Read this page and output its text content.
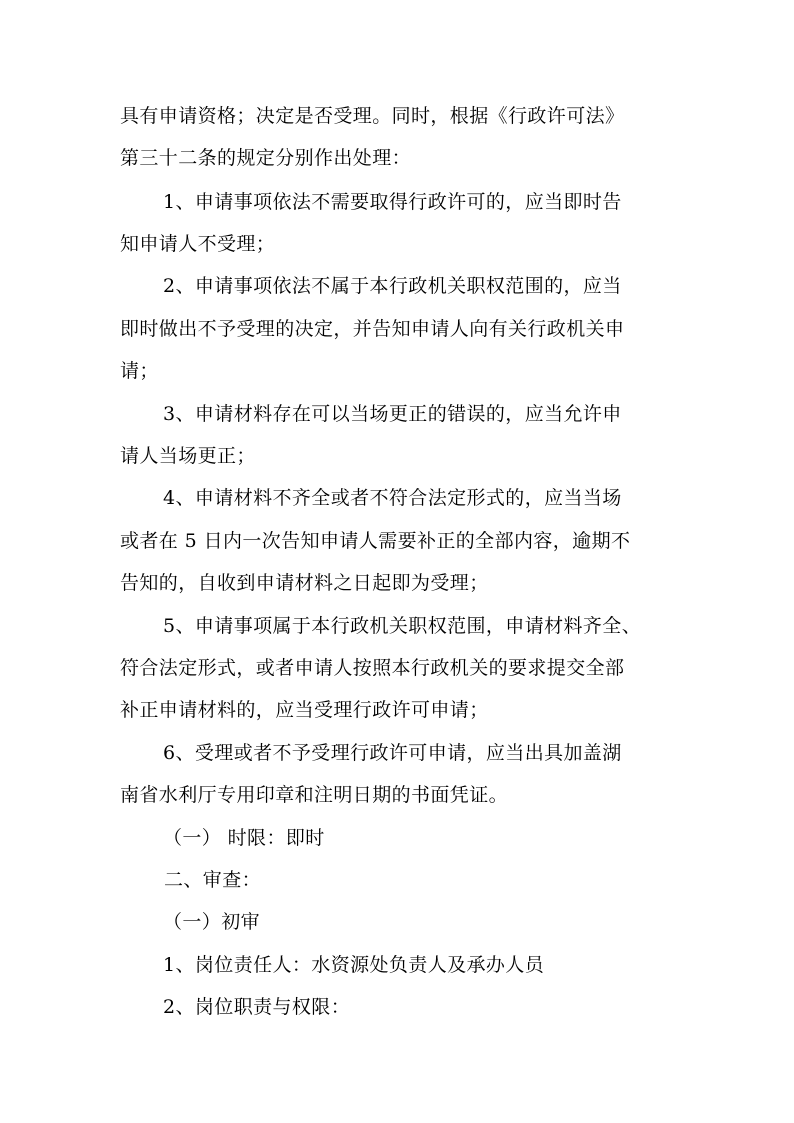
具有申请资格；决定是否受理。同时，根据《行政许可法》
第三十二条的规定分别作出处理：
1、申请事项依法不需要取得行政许可的，应当即时告
知申请人不受理；
2、申请事项依法不属于本行政机关职权范围的，应当
即时做出不予受理的决定，并告知申请人向有关行政机关申
请；
3、申请材料存在可以当场更正的错误的，应当允许申
请人当场更正；
4、申请材料不齐全或者不符合法定形式的，应当当场
或者在 5 日内一次告知申请人需要补正的全部内容，逾期不
告知的，自收到申请材料之日起即为受理；
5、申请事项属于本行政机关职权范围，申请材料齐全、
符合法定形式，或者申请人按照本行政机关的要求提交全部
补正申请材料的，应当受理行政许可申请；
6、受理或者不予受理行政许可申请，应当出具加盖湖
南省水利厅专用印章和注明日期的书面凭证。
（一） 时限：即时
二、审查：
（一）初审
1、岗位责任人：水资源处负责人及承办人员
2、岗位职责与权限：
